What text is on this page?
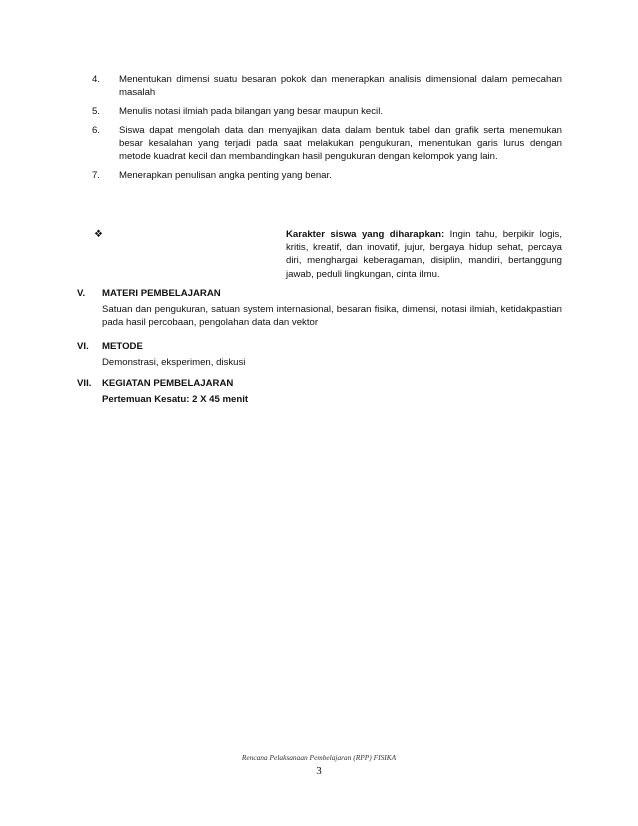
4.	Menentukan dimensi suatu besaran pokok dan menerapkan analisis dimensional dalam pemecahan masalah
5.	Menulis notasi ilmiah pada bilangan yang besar maupun kecil.
6.	Siswa dapat mengolah data dan menyajikan data dalam bentuk tabel dan grafik serta menemukan besar kesalahan yang terjadi pada saat melakukan pengukuran, menentukan garis lurus dengan metode kuadrat kecil dan membandingkan hasil pengukuran dengan kelompok yang lain.
7.	Menerapkan penulisan angka penting yang benar.
❖	Karakter siswa yang diharapkan: Ingin tahu, berpikir logis, kritis, kreatif, dan inovatif, jujur, bergaya hidup sehat, percaya diri, menghargai keberagaman, disiplin, mandiri, bertanggung jawab, peduli lingkungan, cinta ilmu.
V. MATERI PEMBELAJARAN
Satuan dan pengukuran, satuan system internasional, besaran fisika, dimensi, notasi ilmiah, ketidakpastian pada hasil percobaan, pengolahan data dan vektor
VI. METODE
Demonstrasi, eksperimen, diskusi
VII. KEGIATAN PEMBELAJARAN
Pertemuan Kesatu: 2 X 45 menit
Rencana Pelaksanaan Pembelajaran (RPP) FISIKA
3
